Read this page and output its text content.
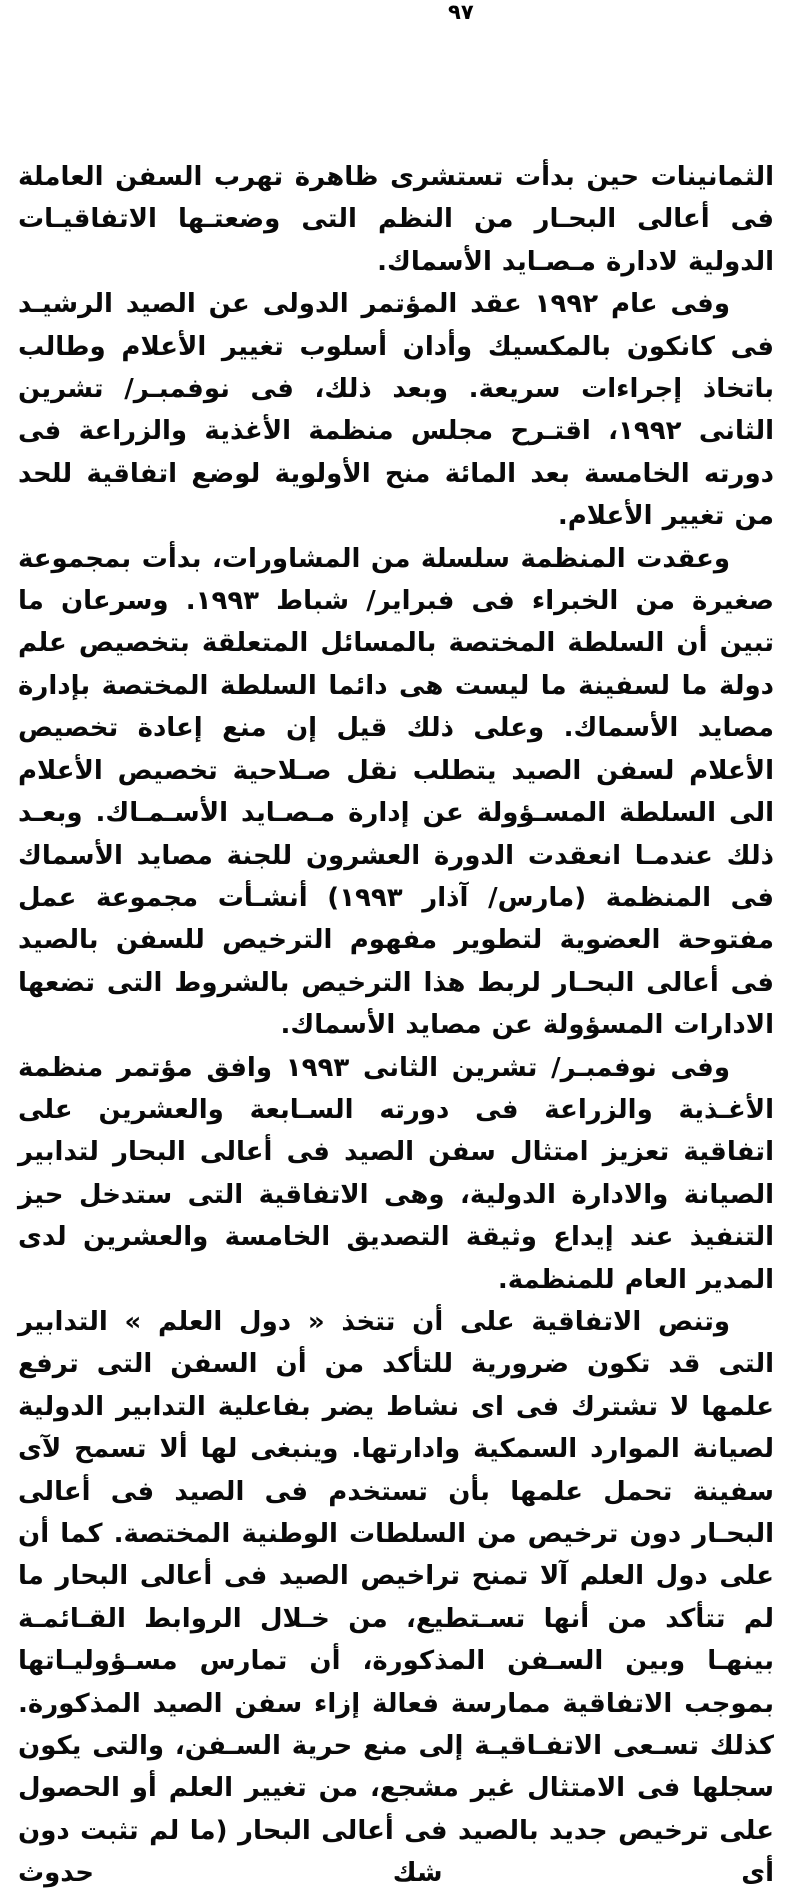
٩٧

الثمانينات حين بدأت تستشرى ظاهرة تهرب السفن العاملة فى أعالى البحـار من النظم التى وضعتـها الاتفاقيـات الدولية لادارة مـصـايد الأسماك.

وفى عام ١٩٩٢ عقد المؤتمر الدولى عن الصيد الرشيـد فى كانكون بالمكسيك وأدان أسلوب تغيير الأعلام وطالب باتخاذ إجراءات سريعة. وبعد ذلك، فى نوفمبـر/ تشرين الثانى ١٩٩٢، اقتـرح مجلس منظمة الأغذية والزراعة فى دورته الخامسة بعد المائة منح الأولوية لوضع اتفاقية للحد من تغيير الأعلام.

وعقدت المنظمة سلسلة من المشاورات، بدأت بمجموعة صغيرة من الخبراء فى فبراير/ شباط ١٩٩٣. وسرعان ما تبين أن السلطة المختصة بالمسائل المتعلقة بتخصيص علم دولة ما لسفينة ما ليست هى دائما السلطة المختصة بإدارة مصايد الأسماك. وعلى ذلك قيل إن منع إعادة تخصيص الأعلام لسفن الصيد يتطلب نقل صـلاحية تخصيص الأعلام الى السلطة المسـؤولة عن إدارة مـصـايد الأسـمـاك. وبعـد ذلك عندمـا انعقدت الدورة العشرون للجنة مصايد الأسماك فى المنظمة (مارس/ آذار ١٩٩٣) أنشـأت مجموعة عمل مفتوحة العضوية لتطوير مفهوم الترخيص للسفن بالصيد فى أعالى البحـار لربط هذا الترخيص بالشروط التى تضعها الادارات المسؤولة عن مصايد الأسماك.

وفى نوفمبـر/ تشرين الثانى ١٩٩٣ وافق مؤتمر منظمة الأغـذية والزراعة فى دورته السـابعة والعشرين على اتفاقية تعزيز امتثال سفن الصيد فى أعالى البحار لتدابير الصيانة والادارة الدولية، وهى الاتفاقية التى ستدخل حيز التنفيذ عند إيداع وثيقة التصديق الخامسة والعشرين لدى المدير العام للمنظمة.

وتنص الاتفاقية على أن تتخذ « دول العلم » التدابير التى قد تكون ضرورية للتأكد من أن السفن التى ترفع علمها لا تشترك فى اى نشاط يضر بفاعلية التدابير الدولية لصيانة الموارد السمكية وادارتها. وينبغى لها ألا تسمح لآى سفينة تحمل علمها بأن تستخدم فى الصيد فى أعالى البحـار دون ترخيص من السلطات الوطنية المختصة. كما أن على دول العلم آلا تمنح تراخيص الصيد فى أعالى البحار ما لم تتأكد من أنها تسـتطيع، من خـلال الروابط القـائمـة بينهـا وبين السـفن المذكورة، أن تمارس مسـؤوليـاتها بموجب الاتفاقية ممارسة فعالة إزاء سفن الصيد المذكورة. كذلك تسـعى الاتفـاقيـة إلى منع حرية السـفن، والتى يكون سجلها فى الامتثال غير مشجع، من تغيير العلم أو الحصول على ترخيص جديد بالصيد فى أعالى البحار (ما لم تثبت دون أى شك حدوث
